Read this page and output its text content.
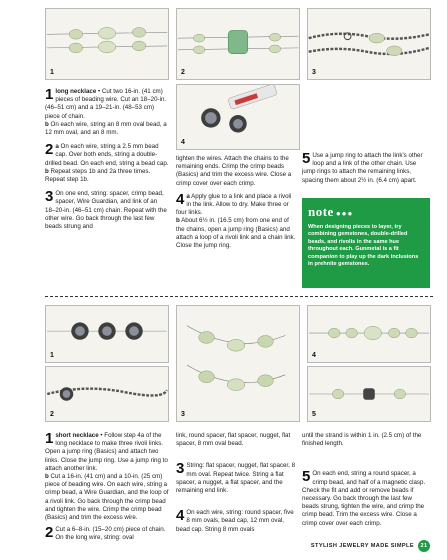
1	2	3
4
1 long necklace • Cut two 16-in. (41 cm) pieces of beading wire. Cut an 18–20-in. (46–51 cm) and a 19–21-in. (48–53 cm) piece of chain.
b On each wire, string an 8 mm oval bead, a 12 mm oval, and an 8 mm.
2 a On each wire, string a 2.5 mm bead cap. Over both ends, string a double-drilled bead. On each end, string a bead cap.
b Repeat steps 1b and 2a three times. Repeat step 1b.
3 On one end, string: spacer, crimp bead, spacer, Wire Guardian, and link of an 18–20-in. (46–51 cm) chain. Repeat with the other wire. Go back through the last few beads strung and
tighten the wires. Attach the chains to the remaining ends. Crimp the crimp beads (Basics) and trim the excess wire. Close a crimp cover over each crimp.
4 a Apply glue to a link and place a rivoli in the link. Allow to dry. Make three or four links.
b About 6½ in. (16.5 cm) from one end of the chains, open a jump ring (Basics) and attach a loop of a rivoli link and a chain link. Close the jump ring.
5 Use a jump ring to attach the link's other loop and a link of the other chain. Use jump rings to attach the remaining links, spacing them about 2½ in. (6.4 cm) apart.
note ●●●
When designing pieces to layer, try combining gemstones, double-drilled beads, and rivolis in the same hue throughout each. Gunmetal is a fit companion to play up the dark inclusions in prehnite gemstones.
1
2	3
4
5
1 short necklace • Follow step 4a of the long necklace to make three rivoli links. Open a jump ring (Basics) and attach two links. Close the jump ring. Use a jump ring to attach another link.
b Cut a 16-in. (41 cm) and a 10-in. (25 cm) piece of beading wire. On each wire, string a crimp bead, a Wire Guardian, and the loop of a rivoli link. Go back through the crimp bead and tighten the wire. Crimp the crimp bead (Basics) and trim the excess wire.
2 Cut a 6–8-in. (15–20 cm) piece of chain. On the long wire, string: oval
link, round spacer, flat spacer, nugget, flat spacer, 8 mm oval bead.
3 String: flat spacer, nugget, flat spacer, 8 mm oval. Repeat twice. String a flat spacer, a nugget, a flat spacer, and the remaining end link.
4 On each wire, string: round spacer, five 8 mm ovals, bead cap, 12 mm oval, bead cap. String 8 mm ovals
until the strand is within 1 in. (2.5 cm) of the finished length.
5 On each end, string a round spacer, a crimp bead, and half of a magnetic clasp. Check the fit and add or remove beads if necessary. Go back through the last few beads strung, tighten the wire, and crimp the crimp bead. Trim the excess wire. Close a crimp cover over each crimp.
STYLISH JEWELRY MADE SIMPLE	21
